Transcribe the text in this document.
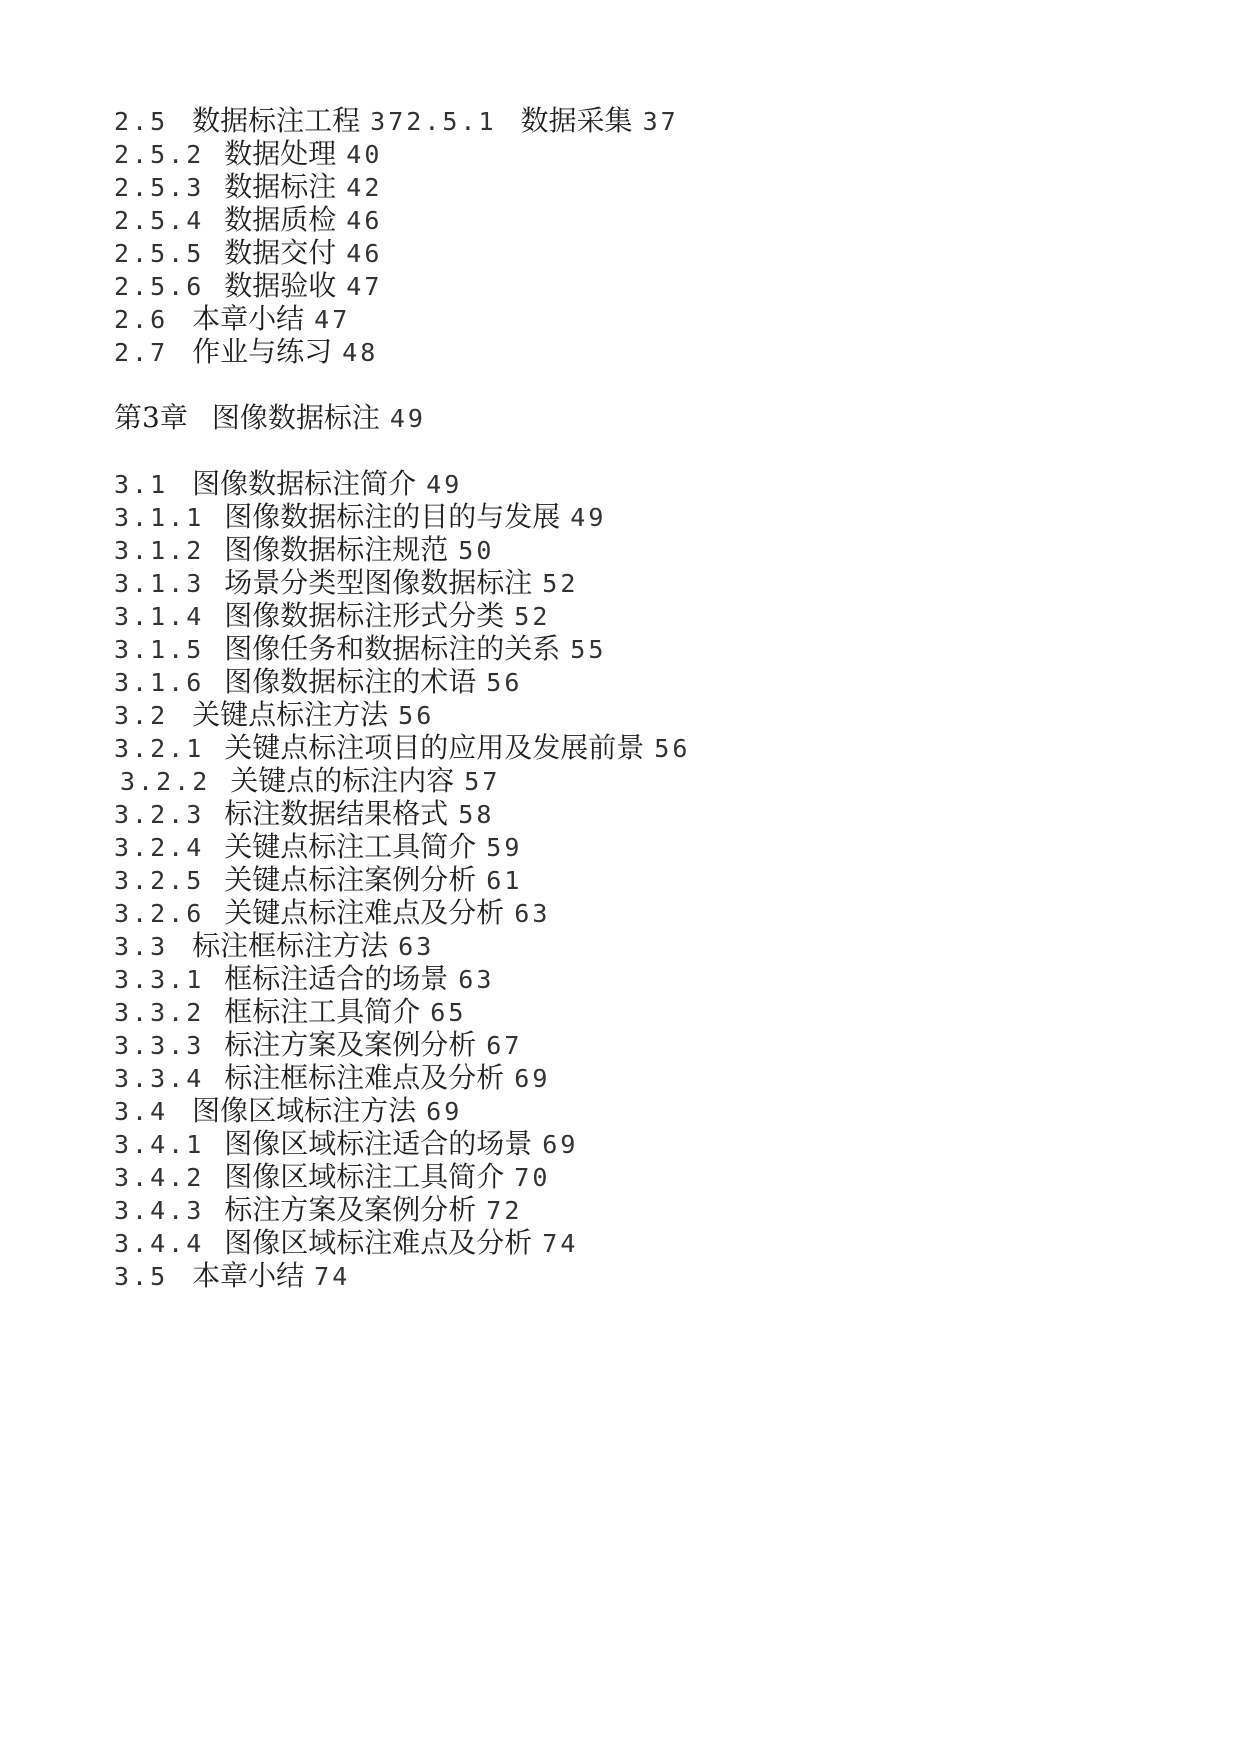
2.5 数据标注工程 372.5.1 数据采集 37
2.5.2 数据处理 40
2.5.3 数据标注 42
2.5.4 数据质检 46
2.5.5 数据交付 46
2.5.6 数据验收 47
2.6 本章小结 47
2.7 作业与练习 48
第3章 图像数据标注 49
3.1 图像数据标注简介 49
3.1.1 图像数据标注的目的与发展 49
3.1.2 图像数据标注规范 50
3.1.3 场景分类型图像数据标注 52
3.1.4 图像数据标注形式分类 52
3.1.5 图像任务和数据标注的关系 55
3.1.6 图像数据标注的术语 56
3.2 关键点标注方法 56
3.2.1 关键点标注项目的应用及发展前景 56
3.2.2 关键点的标注内容 57
3.2.3 标注数据结果格式 58
3.2.4 关键点标注工具简介 59
3.2.5 关键点标注案例分析 61
3.2.6 关键点标注难点及分析 63
3.3 标注框标注方法 63
3.3.1 框标注适合的场景 63
3.3.2 框标注工具简介 65
3.3.3 标注方案及案例分析 67
3.3.4 标注框标注难点及分析 69
3.4 图像区域标注方法 69
3.4.1 图像区域标注适合的场景 69
3.4.2 图像区域标注工具简介 70
3.4.3 标注方案及案例分析 72
3.4.4 图像区域标注难点及分析 74
3.5 本章小结 74
